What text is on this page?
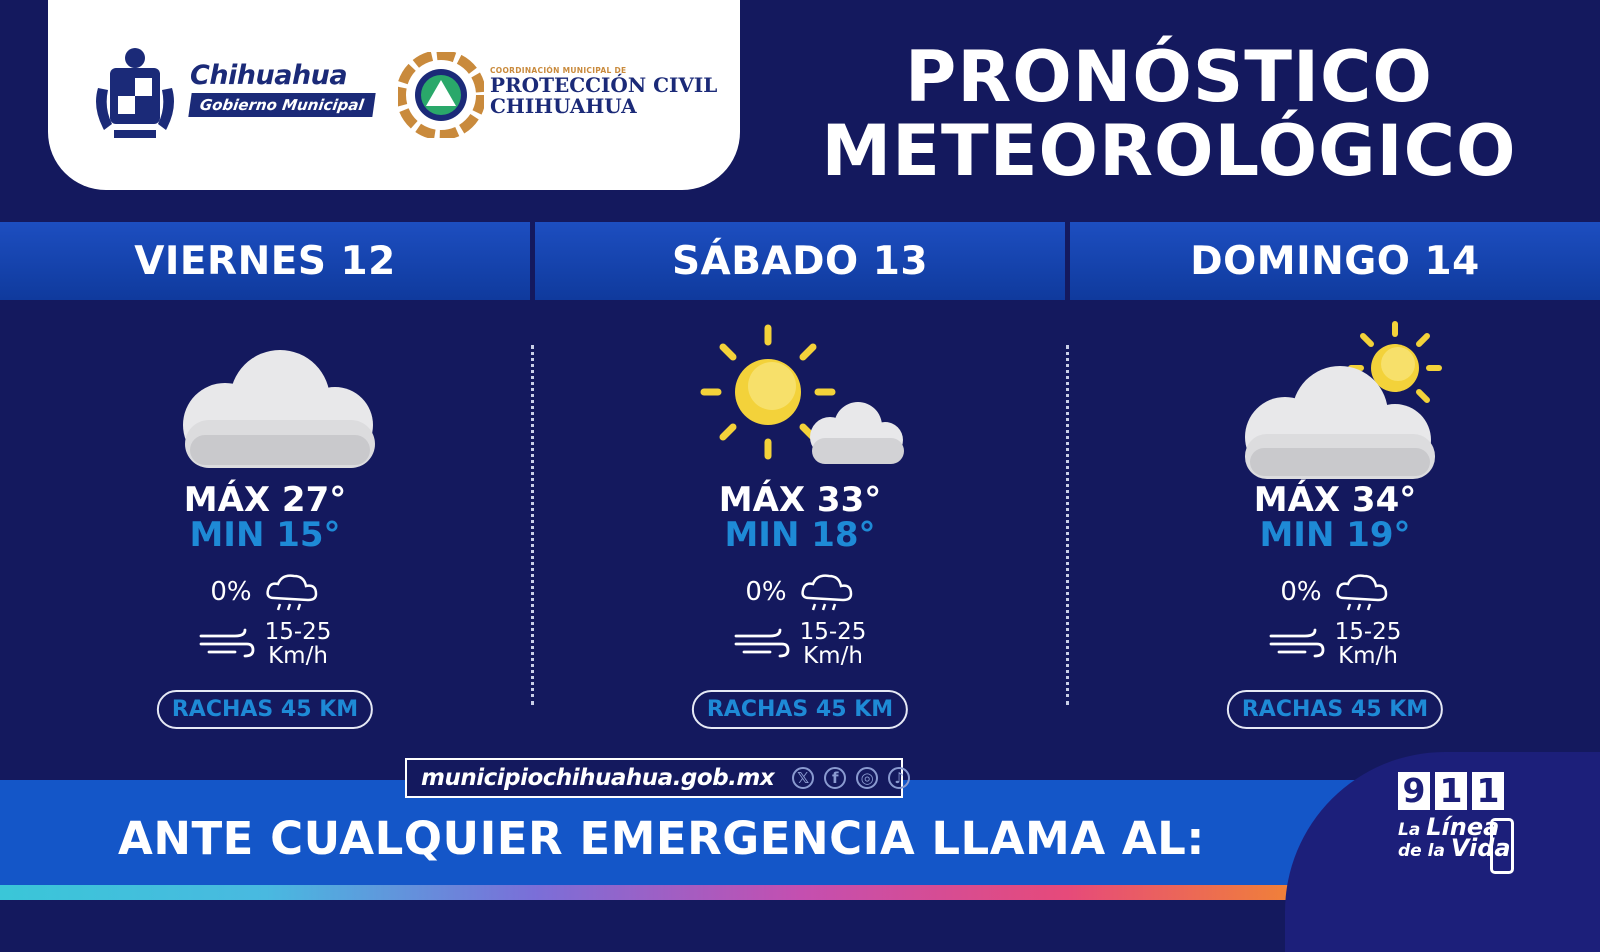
Chihuahua
Gobierno Municipal
COORDINACIÓN MUNICIPAL DE
PROTECCIÓN CIVIL
CHIHUAHUA	PRONÓSTICO
METEOROLÓGICO
VIERNES 12	SÁBADO 13	DOMINGO 14
MÁX 27°
MIN 15°
0%
15-25
Km/h
RACHAS 45 KM
MÁX 33°
MIN 18°
0%
15-25
Km/h
RACHAS 45 KM
MÁX 34°
MIN 19°
0%
15-25
Km/h
RACHAS 45 KM
municipiochihuahua.gob.mx	𝕏	f	◎	♪
ANTE CUALQUIER EMERGENCIA LLAMA AL:
9 1 1
La Línea
de la Vida
